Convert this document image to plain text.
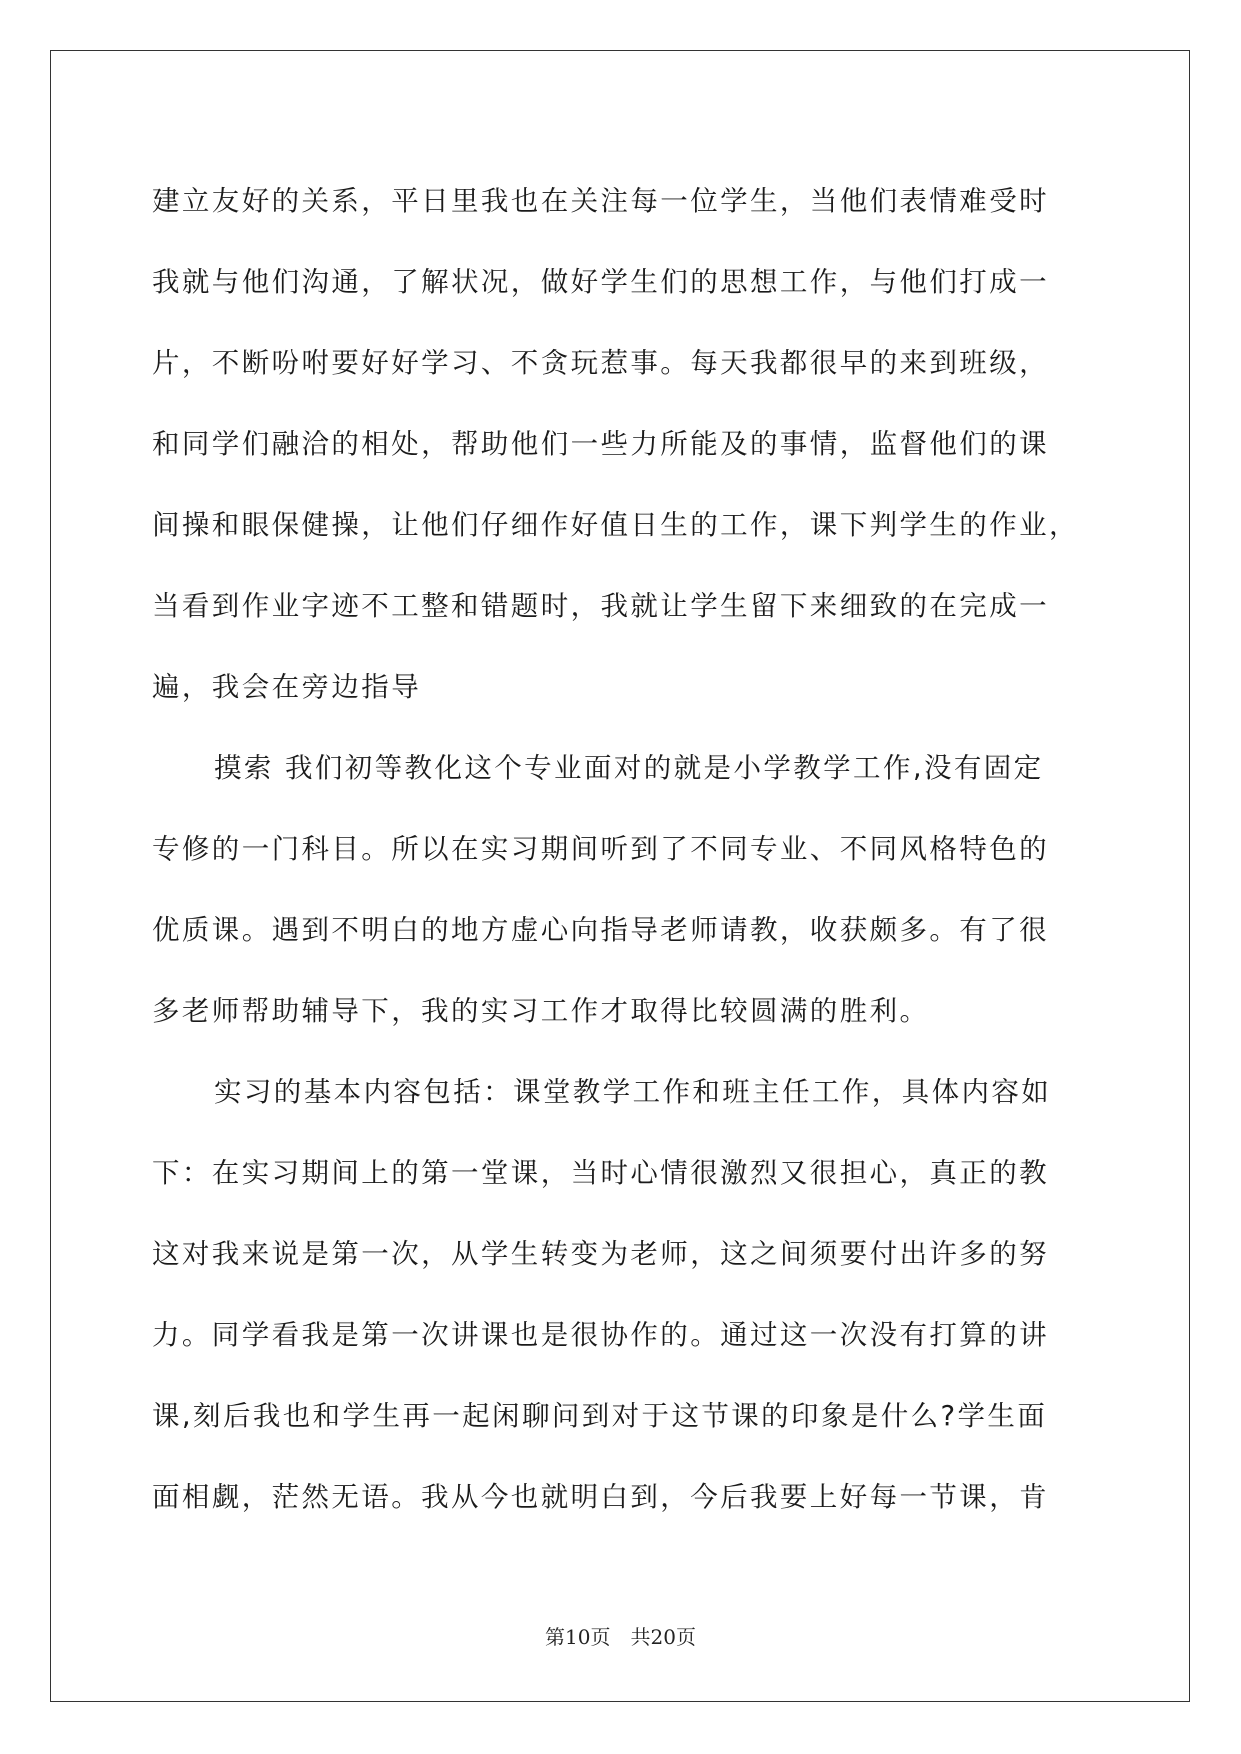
建立友好的关系，平日里我也在关注每一位学生，当他们表情难受时
我就与他们沟通，了解状况，做好学生们的思想工作，与他们打成一
片，不断吩咐要好好学习、不贪玩惹事。每天我都很早的来到班级，
和同学们融洽的相处，帮助他们一些力所能及的事情，监督他们的课
间操和眼保健操，让他们仔细作好值日生的工作，课下判学生的作业，
当看到作业字迹不工整和错题时，我就让学生留下来细致的在完成一
遍，我会在旁边指导
摸索 我们初等教化这个专业面对的就是小学教学工作,没有固定
专修的一门科目。所以在实习期间听到了不同专业、不同风格特色的
优质课。遇到不明白的地方虚心向指导老师请教，收获颇多。有了很
多老师帮助辅导下，我的实习工作才取得比较圆满的胜利。
实习的基本内容包括：课堂教学工作和班主任工作，具体内容如
下：在实习期间上的第一堂课，当时心情很激烈又很担心，真正的教
这对我来说是第一次，从学生转变为老师，这之间须要付出许多的努
力。同学看我是第一次讲课也是很协作的。通过这一次没有打算的讲
课,刻后我也和学生再一起闲聊问到对于这节课的印象是什么?学生面
面相觑，茫然无语。我从今也就明白到，今后我要上好每一节课，肯
第10页　共20页
